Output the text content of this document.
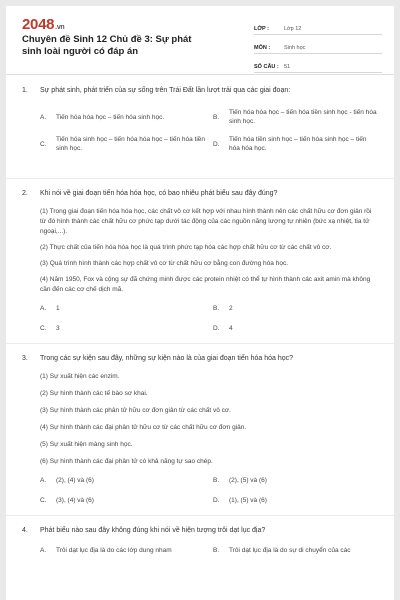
2048.vn
Chuyên đề Sinh 12 Chủ đề 3: Sự phát sinh loài người có đáp án
LỚP :	Lớp 12
MÔN :	Sinh học
SỐ CÂU : 51
1.	Sự phát sinh, phát triển của sự sống trên Trái Đất lần lượt trải qua các giai đoạn:
A.	Tiến hóa hóa học – tiến hóa sinh học.	B.
Tiến hóa hóa học – tiến hóa tiền sinh học - tiến hóa sinh học.
C.
Tiến hóa sinh học – tiến hóa hóa học – tiến hóa tiền sinh học.
D.
Tiến hóa tiền sinh học – tiến hóa sinh học – tiến hóa hóa học.
2.	Khi nói về giai đoạn tiến hóa hóa học, có bao nhiêu phát biểu sau đây đúng?
(1) Trong giai đoạn tiến hóa hóa học, các chất vô cơ kết hợp với nhau hình thành nên các chất hữu cơ đơn giản rồi từ đó hình thành các chất hữu cơ phức tạp dưới tác động của các nguồn năng lượng tự nhiên (bức xạ nhiệt, tia tử ngoại,...).
(2) Thực chất của tiến hóa hóa học là quá trình phức tạp hóa các hợp chất hữu cơ từ các chất vô cơ.
(3) Quá trình hình thành các hợp chất vô cơ từ chất hữu cơ bằng con đường hóa học.
(4) Năm 1950, Fox và cộng sự đã chứng minh được các protein nhiệt có thể tự hình thành các axit amin mà không cần đến các cơ chế dịch mã.
A.	1	B.	2
C.	3	D.	4
3.	Trong các sự kiện sau đây, những sự kiện nào là của giai đoạn tiến hóa hóa học?
(1) Sự xuất hiện các enzim.
(2) Sự hình thành các tế bào sơ khai.
(3) Sự hình thành các phân tử hữu cơ đơn giản từ các chất vô cơ.
(4) Sự hình thành các đại phân tử hữu cơ từ các chất hữu cơ đơn giản.
(5) Sự xuất hiện màng sinh học.
(6) Sự hình thành các đại phân tử có khả năng tự sao chép.
A.	(2), (4) và (6)	B.	(2), (5) và (6)
C.	(3), (4) và (6)	D.	(1), (5) và (6)
4.	Phát biểu nào sau đây không đúng khi nói về hiện tượng trôi dạt lục địa?
A.	Trôi dạt lục địa là do các lớp dung nham	B.	Trôi dạt lục địa là do sự di chuyển của các
